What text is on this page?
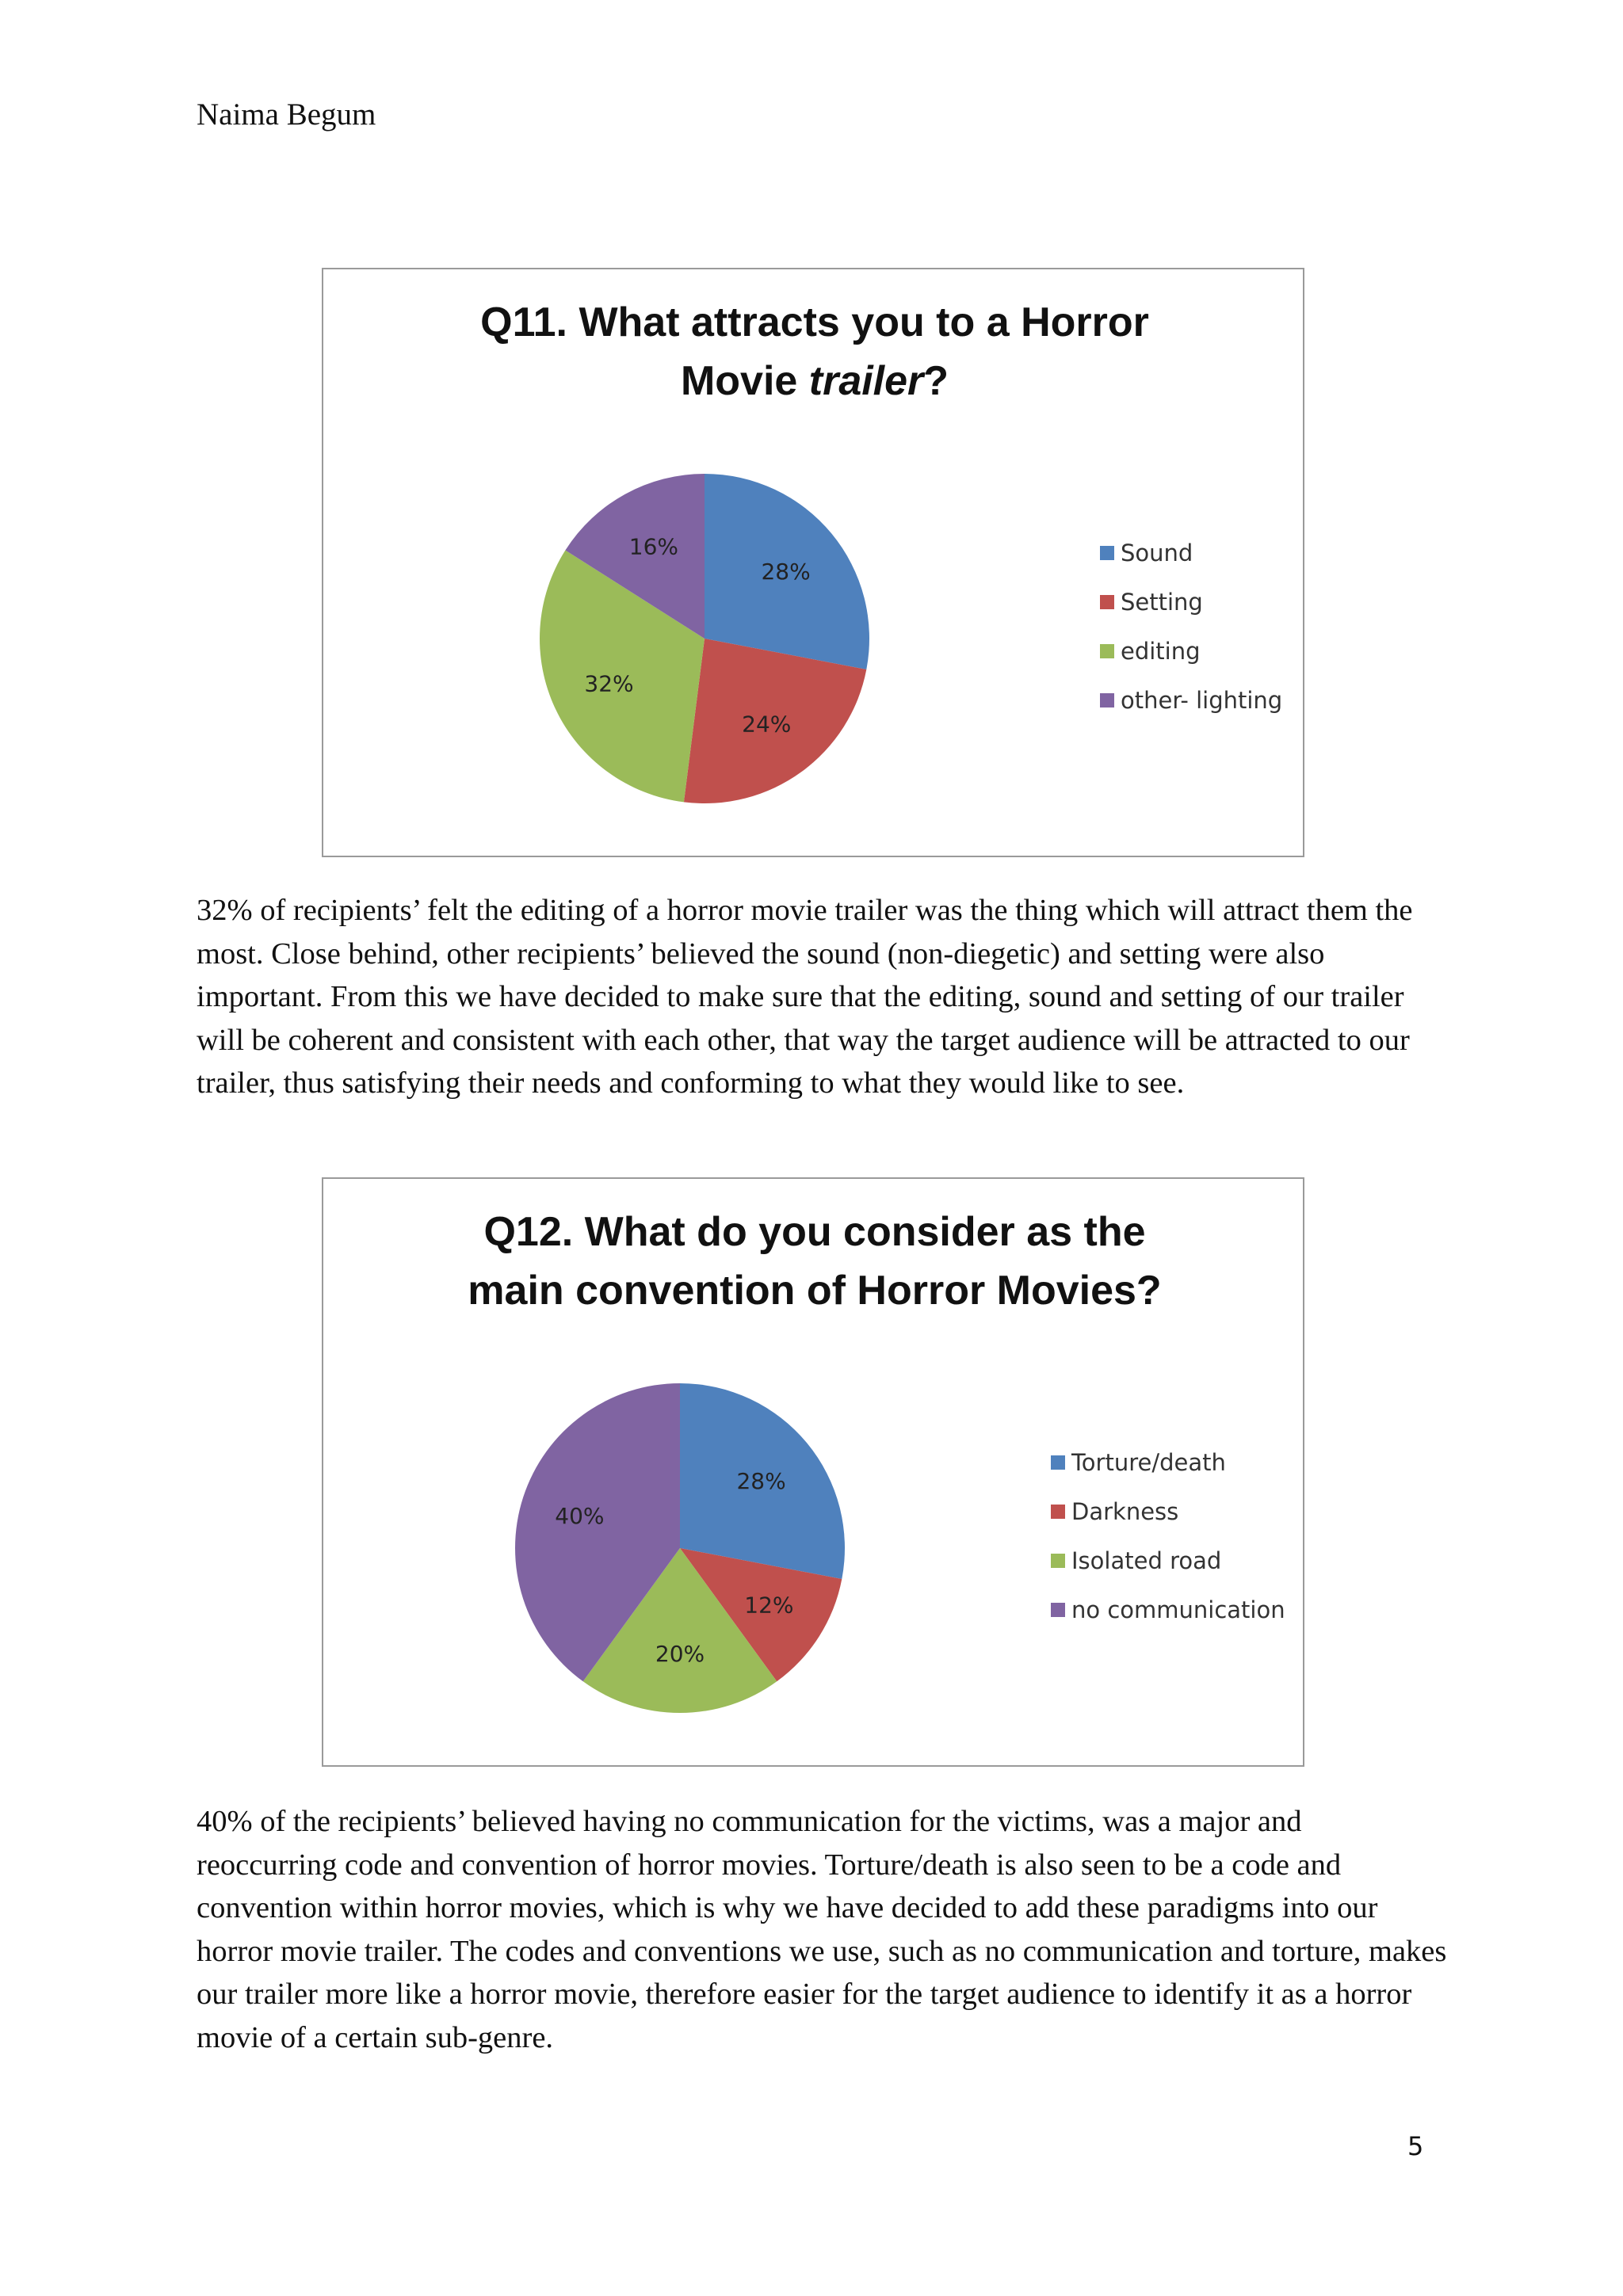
Naima Begum
Q11. What attracts you to a Horror
Movie trailer?
28%
24%
32%
16%	Sound
Setting
editing
other- lighting

32% of recipients’ felt the editing of a horror movie trailer was the thing which will attract them the most. Close behind, other recipients’ believed the sound (non-diegetic) and setting were also important. From this we have decided to make sure that the editing, sound and setting of our trailer will be coherent and consistent with each other, that way the target audience will be attracted to our trailer, thus satisfying their needs and conforming to what they would like to see.

Q12. What do you consider as the
main convention of Horror Movies?
28%
12%
20%
40%
Torture/death
Darkness
Isolated road
no communication

40% of the recipients’ believed having no communication for the victims, was a major and reoccurring code and convention of horror movies. Torture/death is also seen to be a code and convention within horror movies, which is why we have decided to add these paradigms into our horror movie trailer. The codes and conventions we use, such as no communication and torture, makes our trailer more like a horror movie, therefore easier for the target audience to identify it as a horror movie of a certain sub-genre.

5
